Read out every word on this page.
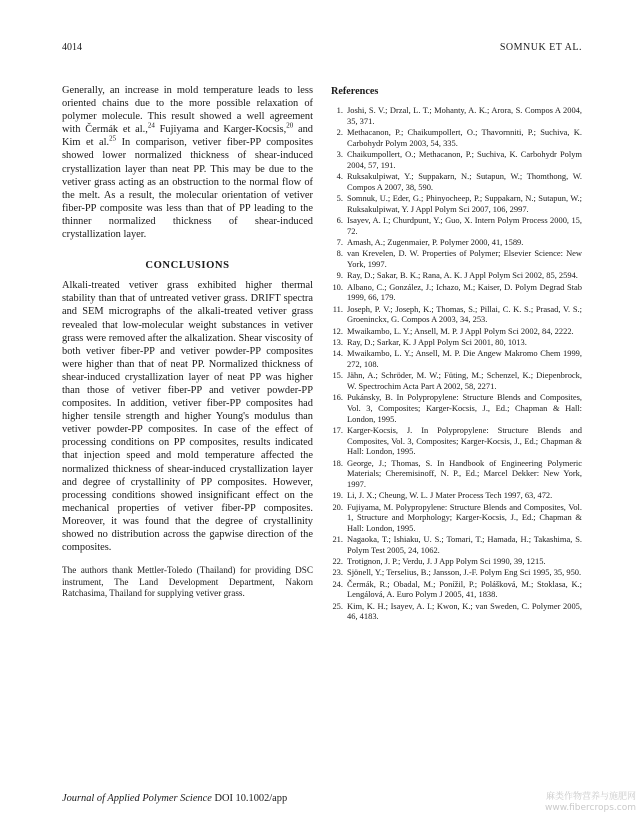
4014	SOMNUK ET AL.

Generally, an increase in mold temperature leads to less oriented chains due to the more possible relaxation of polymer molecule. This result showed a well agreement with Čermák et al.,$^{24}$ Fujiyama and Karger-Kocsis,$^{20}$ and Kim et al.$^{25}$ In comparison, vetiver fiber-PP composites showed lower normalized thickness of shear-induced crystallization layer than neat PP. This may be due to the vetiver grass acting as an obstruction to the normal flow of the melt. As a result, the molecular orientation of vetiver fiber-PP composite was less than that of PP leading to the thinner normalized thickness of shear-induced crystallization layer.

CONCLUSIONS

Alkali-treated vetiver grass exhibited higher thermal stability than that of untreated vetiver grass. DRIFT spectra and SEM micrographs of the alkali-treated vetiver grass revealed that low-molecular weight substances in vetiver grass were removed after the alkalization. Shear viscosity of both vetiver fiber-PP and vetiver powder-PP composites were higher than that of neat PP. Normalized thickness of shear-induced crystallization layer of neat PP was higher than those of vetiver fiber-PP and vetiver powder-PP composites. In addition, vetiver fiber-PP composites had higher tensile strength and higher Young's modulus than vetiver powder-PP composites. In case of the effect of processing conditions on PP composites, results indicated that injection speed and mold temperature affected the normalized thickness of shear-induced crystallization layer and degree of crystallinity of PP composites. However, processing conditions showed insignificant effect on the mechanical properties of vetiver fiber-PP composites. Moreover, it was found that the degree of crystallinity showed no distribution across the gapwise direction of the composites.

The authors thank Mettler-Toledo (Thailand) for providing DSC instrument, The Land Development Department, Nakorn Ratchasima, Thailand for supplying vetiver grass.

References
1. Joshi, S. V.; Drzal, L. T.; Mohanty, A. K.; Arora, S. Compos A 2004, 35, 371.
2. Methacanon, P.; Chaikumpollert, O.; Thavornniti, P.; Suchiva, K. Carbohydr Polym 2003, 54, 335.
3. Chaikumpollert, O.; Methacanon, P.; Suchiva, K. Carbohydr Polym 2004, 57, 191.
4. Ruksakulpiwat, Y.; Suppakarn, N.; Sutapun, W.; Thomthong, W. Compos A 2007, 38, 590.
5. Somnuk, U.; Eder, G.; Phinyocheep, P.; Suppakarn, N.; Sutapun, W.; Ruksakulpiwat, Y. J Appl Polym Sci 2007, 106, 2997.
6. Isayev, A. I.; Churdpunt, Y.; Guo, X. Intern Polym Process 2000, 15, 72.
7. Amash, A.; Zugenmaier, P. Polymer 2000, 41, 1589.
8. van Krevelen, D. W. Properties of Polymer; Elsevier Science: New York, 1997.
9. Ray, D.; Sakar, B. K.; Rana, A. K. J Appl Polym Sci 2002, 85, 2594.
10. Albano, C.; González, J.; Ichazo, M.; Kaiser, D. Polym Degrad Stab 1999, 66, 179.
11. Joseph, P. V.; Joseph, K.; Thomas, S.; Pillai, C. K. S.; Prasad, V. S.; Groeninckx, G. Compos A 2003, 34, 253.
12. Mwaikambo, L. Y.; Ansell, M. P. J Appl Polym Sci 2002, 84, 2222.
13. Ray, D.; Sarkar, K. J Appl Polym Sci 2001, 80, 1013.
14. Mwaikambo, L. Y.; Ansell, M. P. Die Angew Makromo Chem 1999, 272, 108.
15. Jähn, A.; Schröder, M. W.; Füting, M.; Schenzel, K.; Diepenbrock, W. Spectrochim Acta Part A 2002, 58, 2271.
16. Pukánsky, B. In Polypropylene: Structure Blends and Composites, Vol. 3, Composites; Karger-Kocsis, J., Ed.; Chapman & Hall: London, 1995.
17. Karger-Kocsis, J. In Polypropylene: Structure Blends and Composites, Vol. 3, Composites; Karger-Kocsis, J., Ed.; Chapman & Hall: London, 1995.
18. George, J.; Thomas, S. In Handbook of Engineering Polymeric Materials; Cheremisinoff, N. P., Ed.; Marcel Dekker: New York, 1997.
19. Li, J. X.; Cheung, W. L. J Mater Process Tech 1997, 63, 472.
20. Fujiyama, M. Polypropylene: Structure Blends and Composites, Vol. 1, Structure and Morphology; Karger-Kocsis, J., Ed.; Chapman & Hall: London, 1995.
21. Nagaoka, T.; Ishiaku, U. S.; Tomari, T.; Hamada, H.; Takashima, S. Polym Test 2005, 24, 1062.
22. Trotignon, J. P.; Verdu, J. J App Polym Sci 1990, 39, 1215.
23. Sjönell, Y.; Terselius, B.; Jansson, J.-F. Polym Eng Sci 1995, 35, 950.
24. Čermák, R.; Obadal, M.; Ponížil, P.; Polášková, M.; Stoklasa, K.; Lengálová, A. Euro Polym J 2005, 41, 1838.
25. Kim, K. H.; Isayev, A. I.; Kwon, K.; van Sweden, C. Polymer 2005, 46, 4183.
Journal of Applied Polymer Science DOI 10.1002/app	麻类作物营养与施肥网
www.fibercrops.com
